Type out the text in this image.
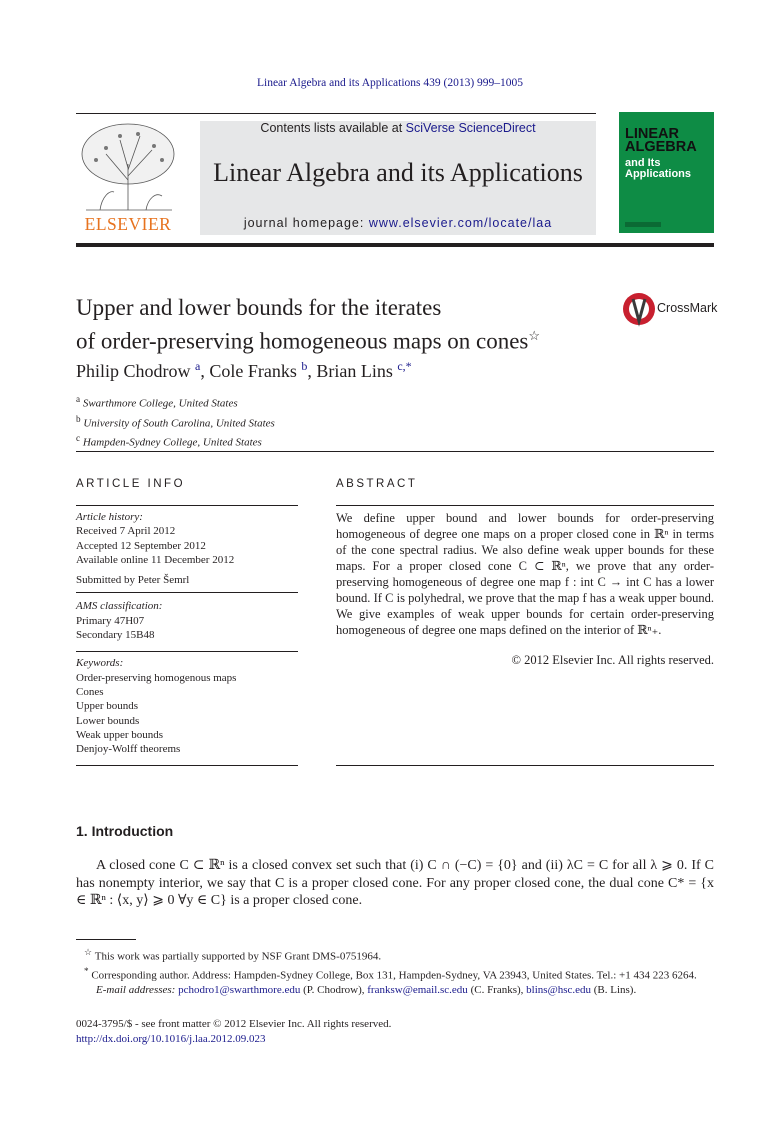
Linear Algebra and its Applications 439 (2013) 999–1005
ELSEVIER
Contents lists available at SciVerse ScienceDirect
Linear Algebra and its Applications
journal homepage: www.elsevier.com/locate/laa
LINEAR
ALGEBRA
and Its
Applications
Upper and lower bounds for the iterates
of order-preserving homogeneous maps on cones☆
CrossMark
Philip Chodrow $^a$, Cole Franks $^b$, Brian Lins $^{c,*}$
$^a$ Swarthmore College, United States
$^b$ University of South Carolina, United States
$^c$ Hampden-Sydney College, United States
ARTICLE INFO	ABSTRACT
Article history:
Received 7 April 2012
Accepted 12 September 2012
Available online 11 December 2012
Submitted by Peter Šemrl
AMS classification:
Primary 47H07
Secondary 15B48
Keywords:
Order-preserving homogenous maps
Cones
Upper bounds
Lower bounds
Weak upper bounds
Denjoy-Wolff theorems
We define upper bound and lower bounds for order-preserving homogeneous of degree one maps on a proper closed cone in ℝⁿ in terms of the cone spectral radius. We also define weak upper bounds for these maps. For a proper closed cone C ⊂ ℝⁿ, we prove that any order-preserving homogeneous of degree one map f : int C → int C has a lower bound. If C is polyhedral, we prove that the map f has a weak upper bound. We give examples of weak upper bounds for certain order-preserving homogeneous of degree one maps defined on the interior of ℝⁿ₊.
© 2012 Elsevier Inc. All rights reserved.
1. Introduction
A closed cone C ⊂ ℝⁿ is a closed convex set such that (i) C ∩ (−C) = {0} and (ii) λC = C for all λ ⩾ 0. If C has nonempty interior, we say that C is a proper closed cone. For any proper closed cone, the dual cone C* = {x ∈ ℝⁿ : ⟨x, y⟩ ⩾ 0 ∀y ∈ C} is a proper closed cone.
☆ This work was partially supported by NSF Grant DMS-0751964.
* Corresponding author. Address: Hampden-Sydney College, Box 131, Hampden-Sydney, VA 23943, United States. Tel.: +1 434 223 6264.
E-mail addresses: pchodro1@swarthmore.edu (P. Chodrow), franksw@email.sc.edu (C. Franks), blins@hsc.edu (B. Lins).
0024-3795/$ - see front matter © 2012 Elsevier Inc. All rights reserved.
http://dx.doi.org/10.1016/j.laa.2012.09.023
